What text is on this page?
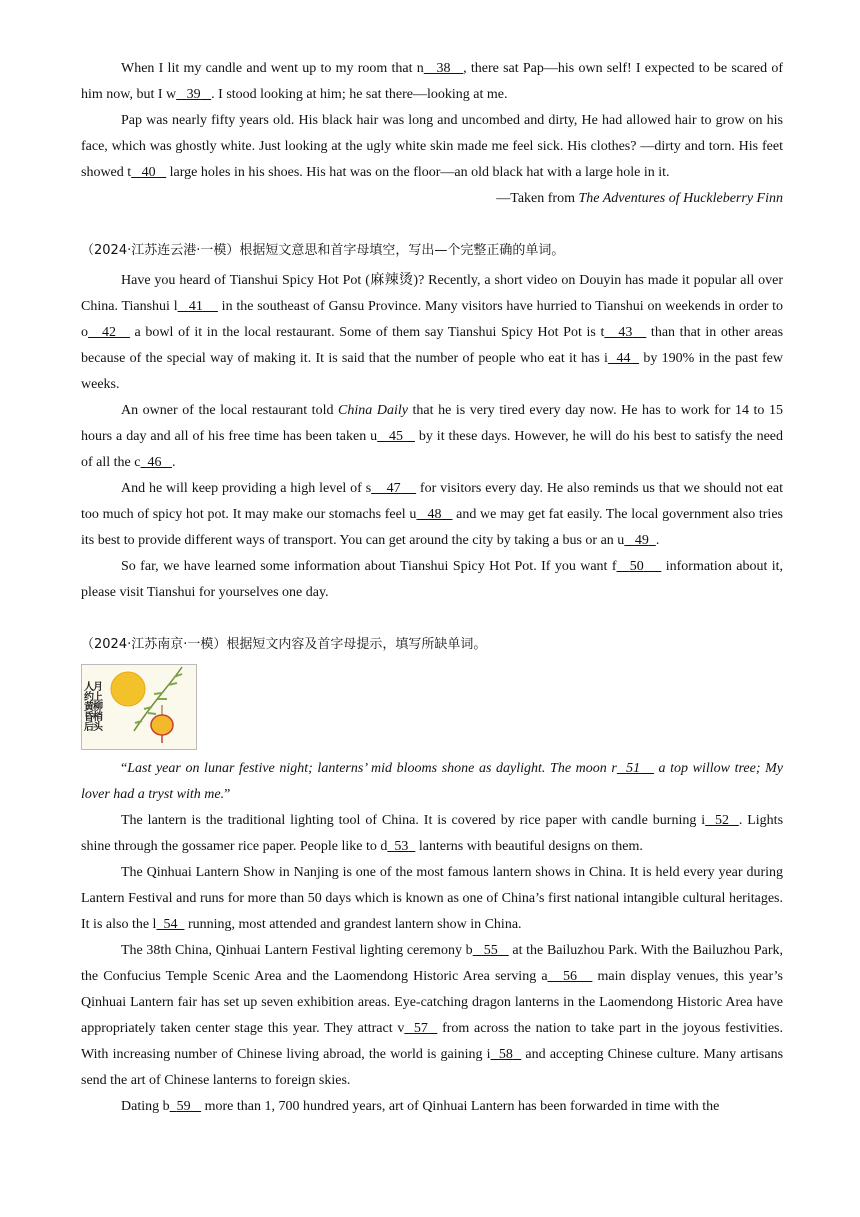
When I lit my candle and went up to my room that n 38 , there sat Pap—his own self! I expected to be scared of him now, but I w 39 . I stood looking at him; he sat there—looking at me.

Pap was nearly fifty years old. His black hair was long and uncombed and dirty, He had allowed hair to grow on his face, which was ghostly white. Just looking at the ugly white skin made me feel sick. His clothes? —dirty and torn. His feet showed t 40    large holes in his shoes. His hat was on the floor—an old black hat with a large hole in it.

—Taken from The Adventures of Huckleberry Finn

（2024·江苏连云港·一模）根据短文意思和首字母填空，写出—个完整正确的单词。

Have you heard of Tianshui Spicy Hot Pot (麻辣烫)? Recently, a short video on Douyin has made it popular all over China. Tianshui l 41     in the southeast of Gansu Province. Many visitors have hurried to Tianshui on weekends in order to o 42    a bowl of it in the local restaurant. Some of them say Tianshui Spicy Hot Pot is t 43    than that in other areas because of the special way of making it. It is said that the number of people who eat it has i 44   by 190% in the past few weeks.

An owner of the local restaurant told China Daily that he is very tired every day now. He has to work for 14 to 15 hours a day and all of his free time has been taken u 45    by it these days. However, he will do his best to satisfy the need of all the c 46 .

And he will keep providing a high level of s 47     for visitors every day. He also reminds us that we should not eat too much of spicy hot pot. It may make our stomachs feel u 48    and we may get fat easily. The local government also tries its best to provide different ways of transport. You can get around the city by taking a bus or an u 49 .

So far, we have learned some information about Tianshui Spicy Hot Pot. If you want f 50     information about it, please visit Tianshui for yourselves one day.

（2024·江苏南京·一模）根据短文内容及首字母提示，填写所缺单词。

月上柳梢头
人约黄昏后

“Last year on lunar festive night; lanterns’ mid blooms shone as daylight. The moon r 51    a top willow tree; My lover had a tryst with me.”

The lantern is the traditional lighting tool of China. It is covered by rice paper with candle burning i 52 . Lights shine through the gossamer rice paper. People like to d 53   lanterns with beautiful designs on them.

The Qinhuai Lantern Show in Nanjing is one of the most famous lantern shows in China. It is held every year during Lantern Festival and runs for more than 50 days which is known as one of China’s first national intangible cultural heritages. It is also the l 54   running, most attended and grandest lantern show in China.

The 38th China, Qinhuai Lantern Festival lighting ceremony b 55    at the Bailuzhou Park. With the Bailuzhou Park, the Confucius Temple Scenic Area and the Laomendong Historic Area serving a 56    main display venues, this year’s Qinhuai Lantern fair has set up seven exhibition areas. Eye-catching dragon lanterns in the Laomendong Historic Area have appropriately taken center stage this year. They attract v 57   from across the nation to take part in the joyous festivities. With increasing number of Chinese living abroad, the world is gaining i 58   and accepting Chinese culture. Many artisans send the art of Chinese lanterns to foreign skies.

Dating b 59    more than 1, 700 hundred years, art of Qinhuai Lantern has been forwarded in time with the
